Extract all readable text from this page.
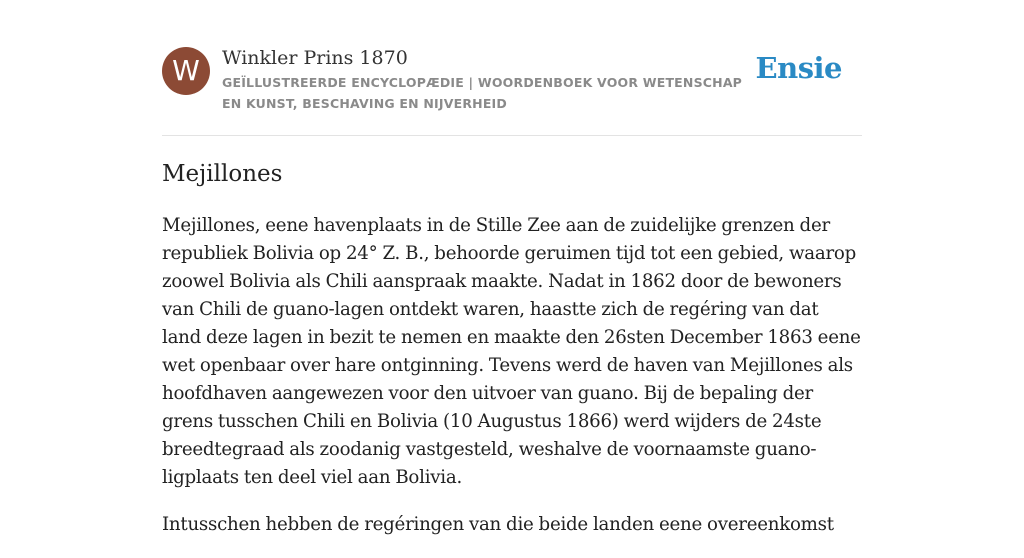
W	Winkler Prins 1870
GEÏLLUSTREERDE ENCYCLOPÆDIE | WOORDENBOEK VOOR WETENSCHAP EN KUNST, BESCHAVING EN NIJVERHEID
Ensie
Mejillones

Mejillones, eene havenplaats in de Stille Zee aan de zuidelijke grenzen der republiek Bolivia op 24° Z. B., behoorde geruimen tijd tot een gebied, waarop zoowel Bolivia als Chili aanspraak maakte. Nadat in 1862 door de bewoners van Chili de guano-lagen ontdekt waren, haastte zich de regéring van dat land deze lagen in bezit te nemen en maakte den 26sten December 1863 eene wet openbaar over hare ontginning. Tevens werd de haven van Mejillones als hoofdhaven aangewezen voor den uitvoer van guano. Bij de bepaling der grens tusschen Chili en Bolivia (10 Augustus 1866) werd wijders de 24ste breedtegraad als zoodanig vastgesteld, weshalve de voornaamste guano-ligplaats ten deel viel aan Bolivia.

Intusschen hebben de regéringen van die beide landen eene overeenkomst
